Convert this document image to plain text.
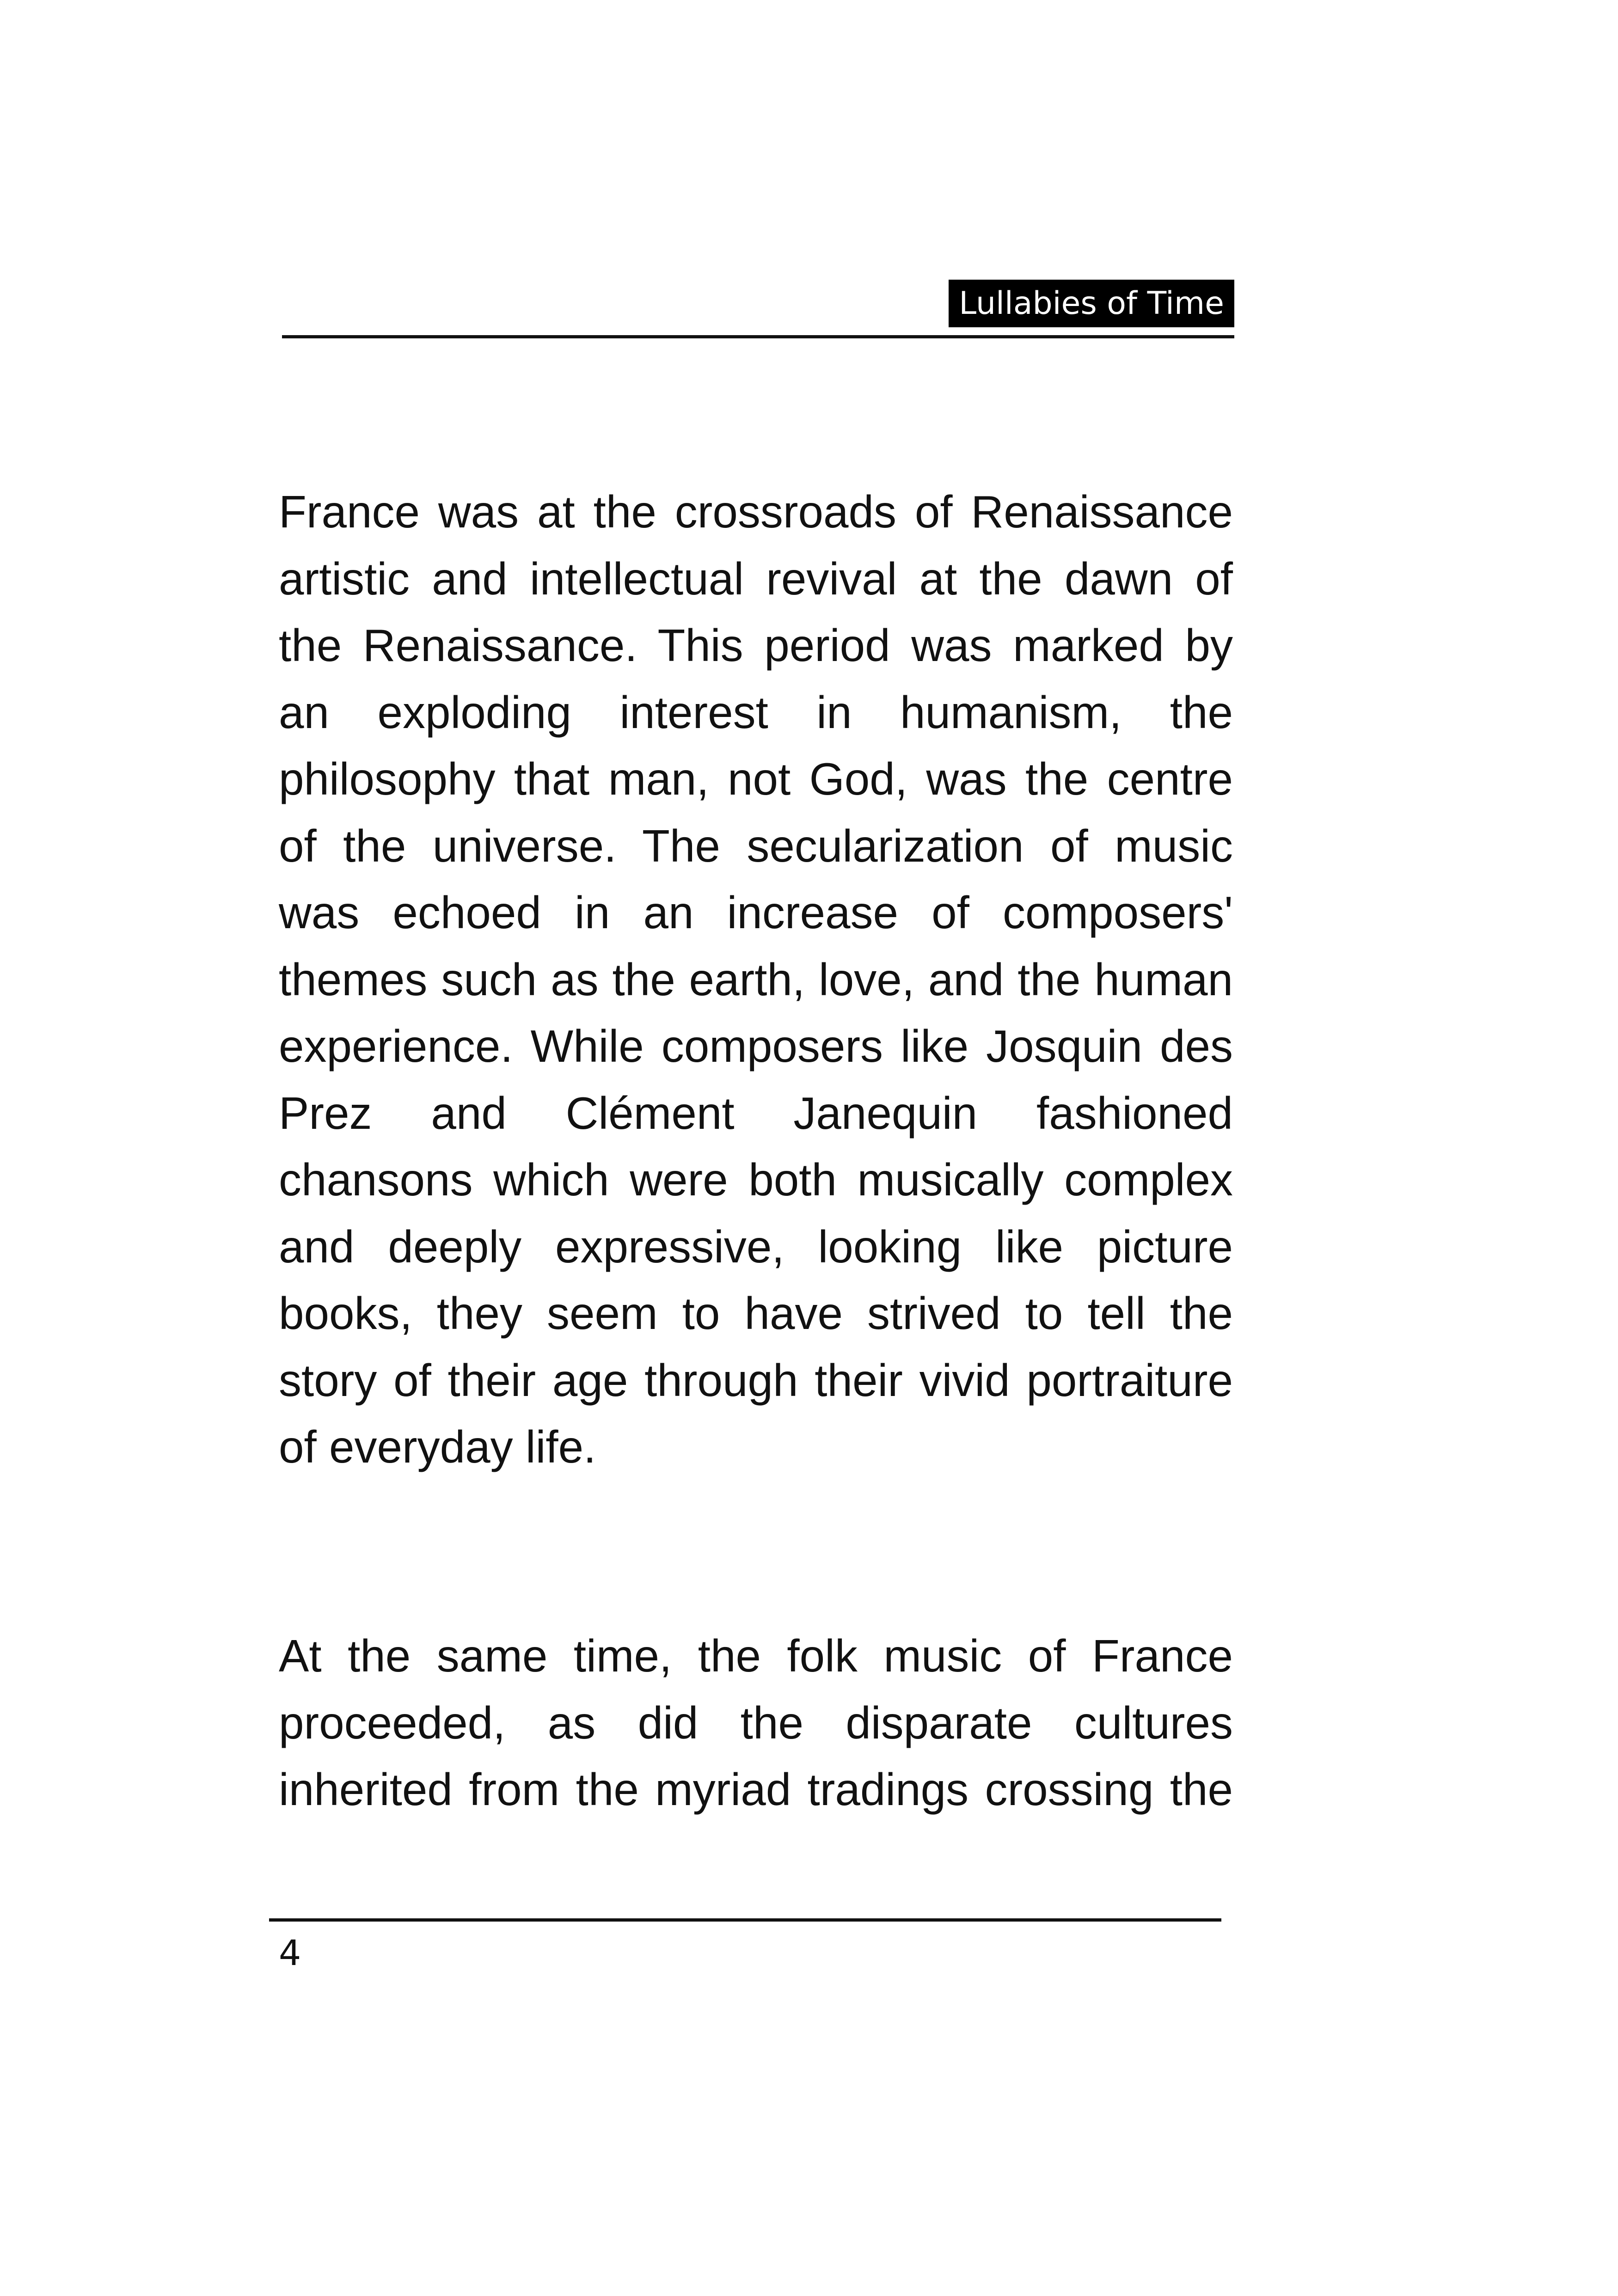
Lullabies of Time

France was at the crossroads of Renaissance artistic and intellectual revival at the dawn of the Renaissance. This period was marked by an exploding interest in humanism, the philosophy that man, not God, was the centre of the universe. The secularization of music was echoed in an increase of composers' themes such as the earth, love, and the human experience. While composers like Josquin des Prez and Clément Janequin fashioned chansons which were both musically complex and deeply expressive, looking like picture books, they seem to have strived to tell the story of their age through their vivid portraiture of everyday life.

At the same time, the folk music of France proceeded, as did the disparate cultures inherited from the myriad tradings crossing the

4
